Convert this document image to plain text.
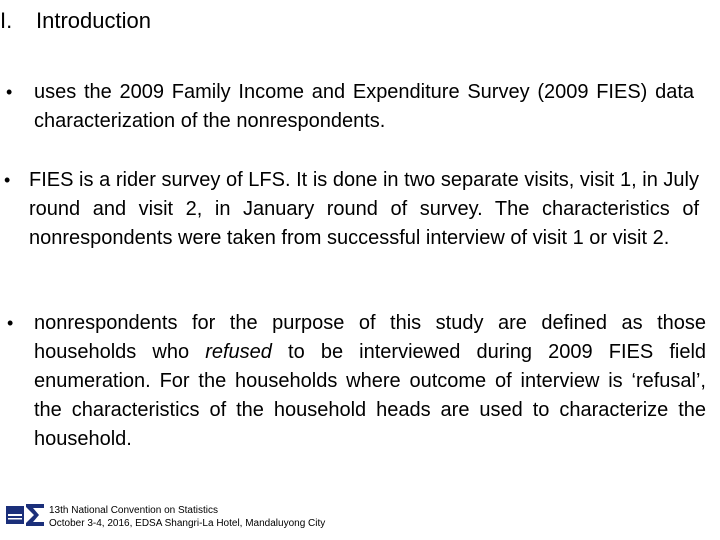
I. Introduction
• uses the 2009 Family Income and Expenditure Survey (2009 FIES) data characterization of the nonrespondents.
• FIES is a rider survey of LFS. It is done in two separate visits, visit 1, in July round and visit 2, in January round of survey. The characteristics of nonrespondents were taken from successful interview of visit 1 or visit 2.
• nonrespondents for the purpose of this study are defined as those households who refused to be interviewed during 2009 FIES field enumeration. For the households where outcome of interview is ‘refusal’, the characteristics of the household heads are used to characterize the household.
13th National Convention on Statistics
October 3-4, 2016, EDSA Shangri-La Hotel, Mandaluyong City
